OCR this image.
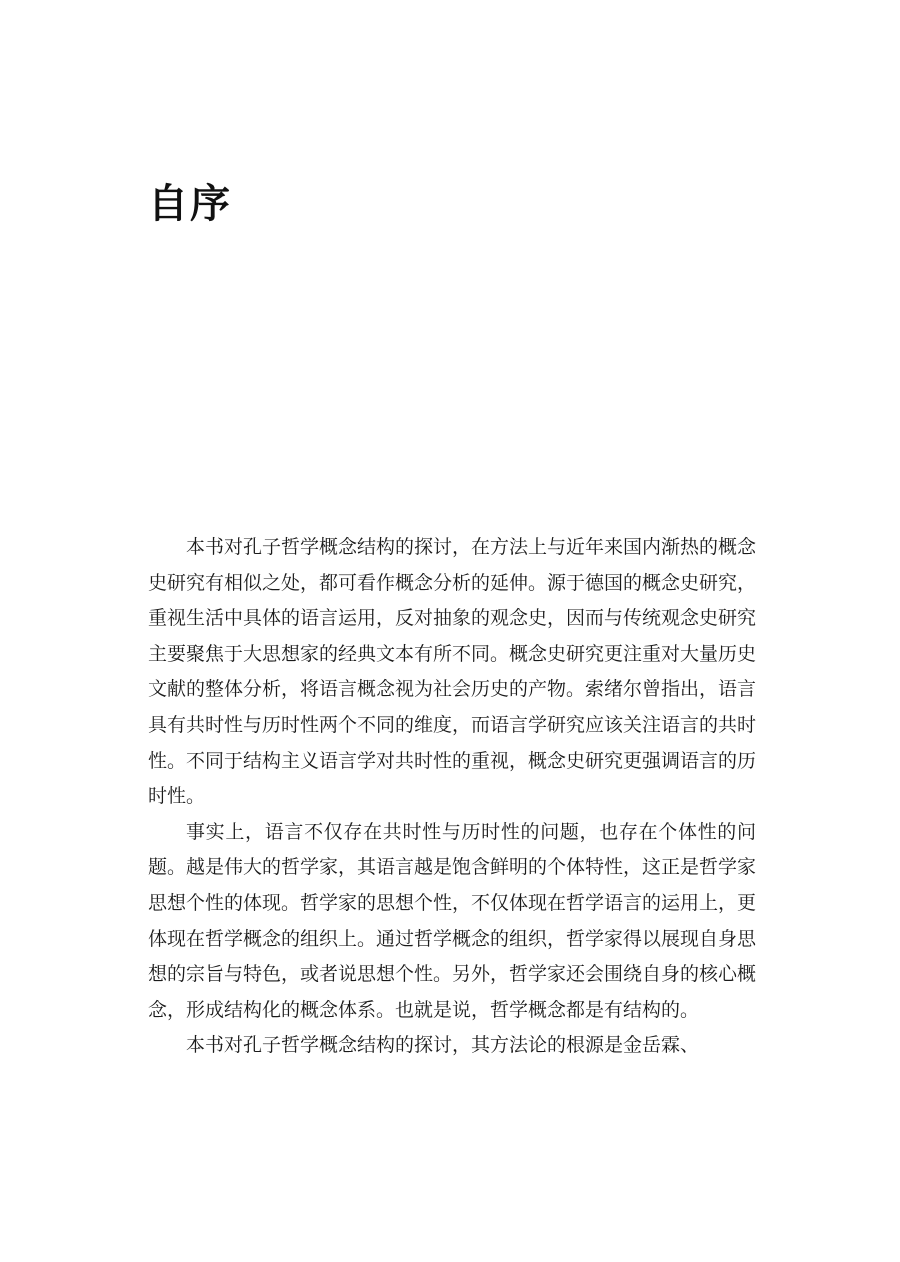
自序

本书对孔子哲学概念结构的探讨，在方法上与近年来国内渐热的概念史研究有相似之处，都可看作概念分析的延伸。源于德国的概念史研究，重视生活中具体的语言运用，反对抽象的观念史，因而与传统观念史研究主要聚焦于大思想家的经典文本有所不同。概念史研究更注重对大量历史文献的整体分析，将语言概念视为社会历史的产物。索绪尔曾指出，语言具有共时性与历时性两个不同的维度，而语言学研究应该关注语言的共时性。不同于结构主义语言学对共时性的重视，概念史研究更强调语言的历时性。

事实上，语言不仅存在共时性与历时性的问题，也存在个体性的问题。越是伟大的哲学家，其语言越是饱含鲜明的个体特性，这正是哲学家思想个性的体现。哲学家的思想个性，不仅体现在哲学语言的运用上，更体现在哲学概念的组织上。通过哲学概念的组织，哲学家得以展现自身思想的宗旨与特色，或者说思想个性。另外，哲学家还会围绕自身的核心概念，形成结构化的概念体系。也就是说，哲学概念都是有结构的。

本书对孔子哲学概念结构的探讨，其方法论的根源是金岳霖、
